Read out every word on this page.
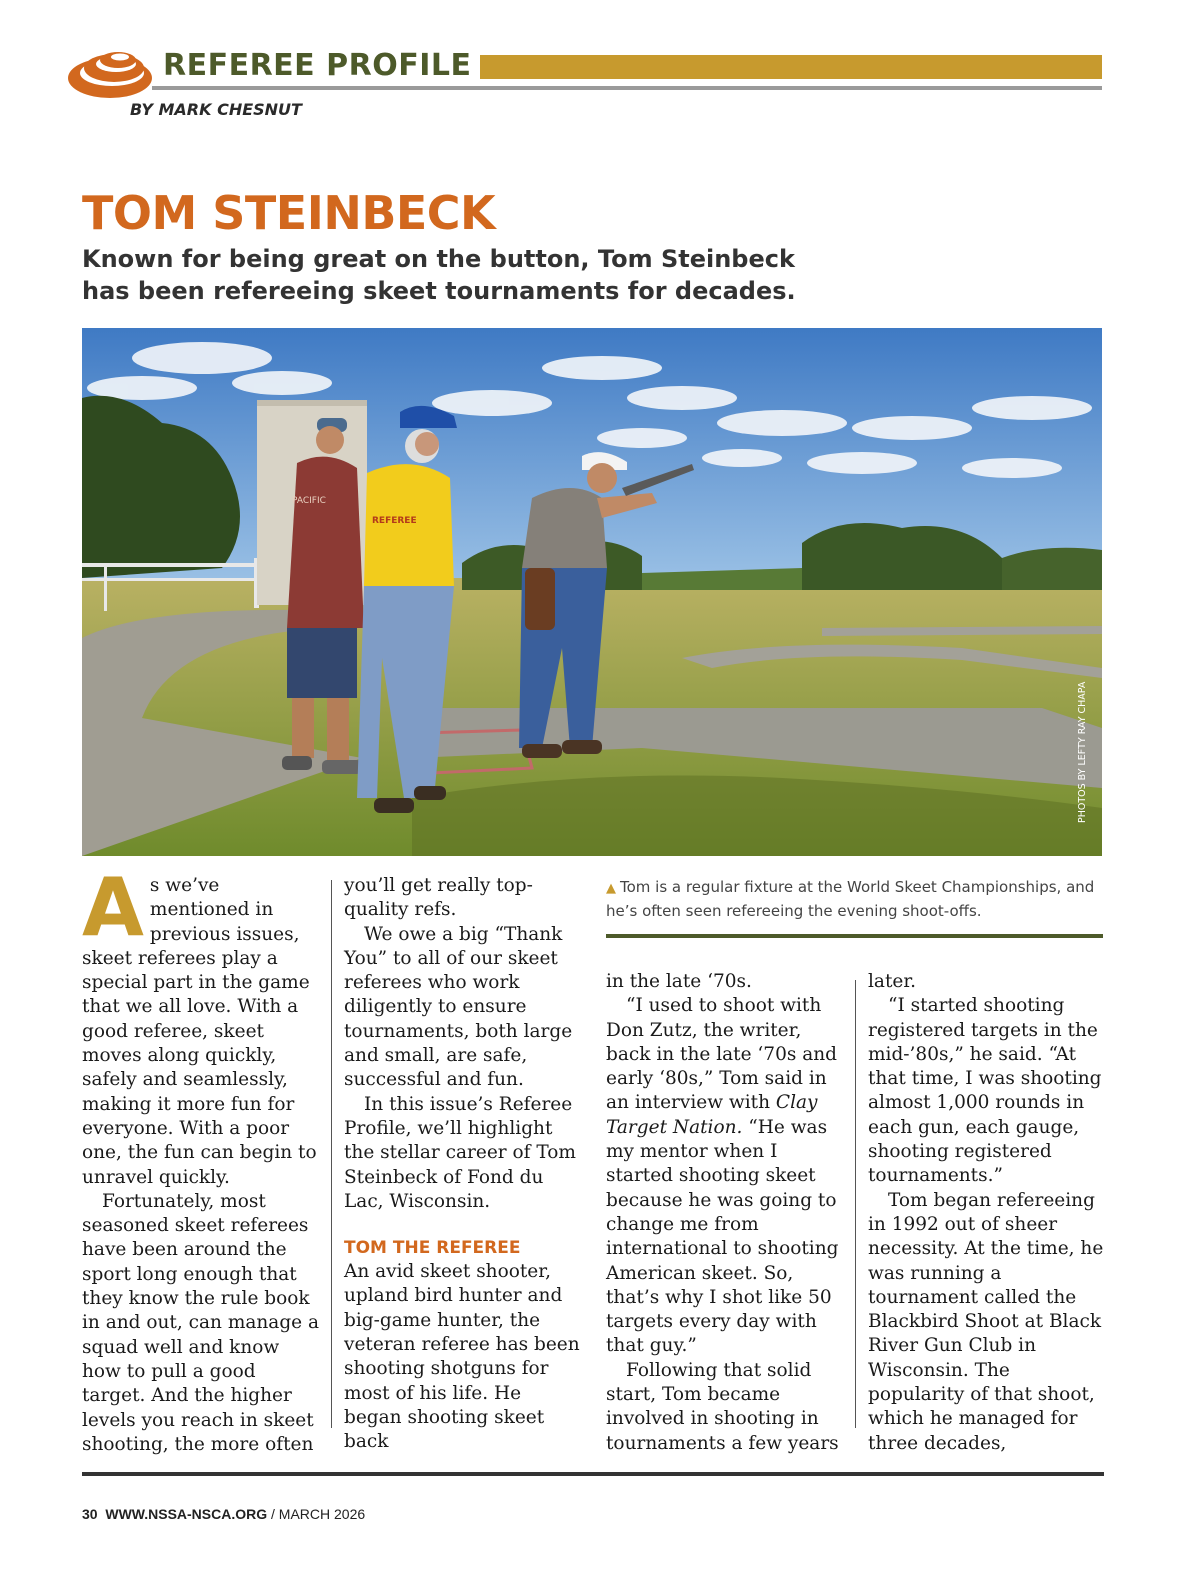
REFEREE PROFILE
BY MARK CHESNUT
TOM STEINBECK
Known for being great on the button, Tom Steinbeck has been refereeing skeet tournaments for decades.
PACIFIC
REFEREE
PHOTOS BY LEFTY RAY CHAPA
▲ Tom is a regular fixture at the World Skeet Championships, and he’s often seen refereeing the evening shoot-offs.

As we’ve mentioned in previous issues, skeet referees play a special part in the game that we all love. With a good referee, skeet moves along quickly, safely and seamlessly, making it more fun for everyone. With a poor one, the fun can begin to unravel quickly.

Fortunately, most seasoned skeet referees have been around the sport long enough that they know the rule book in and out, can manage a squad well and know how to pull a good target. And the higher levels you reach in skeet shooting, the more often

you’ll get really top-quality refs.

We owe a big “Thank You” to all of our skeet referees who work diligently to ensure tournaments, both large and small, are safe, successful and fun.

In this issue’s Referee Profile, we’ll highlight the stellar career of Tom Steinbeck of Fond du Lac, Wisconsin.

TOM THE REFEREE

An avid skeet shooter, upland bird hunter and big-game hunter, the veteran referee has been shooting shotguns for most of his life. He began shooting skeet back

in the late ‘70s.

“I used to shoot with Don Zutz, the writer, back in the late ‘70s and early ‘80s,” Tom said in an interview with Clay Target Nation. “He was my mentor when I started shooting skeet because he was going to change me from international to shooting American skeet. So, that’s why I shot like 50 targets every day with that guy.”

Following that solid start, Tom became involved in shooting in tournaments a few years

later.

“I started shooting registered targets in the mid-’80s,” he said. “At that time, I was shooting almost 1,000 rounds in each gun, each gauge, shooting registered tournaments.”

Tom began refereeing in 1992 out of sheer necessity. At the time, he was running a tournament called the Blackbird Shoot at Black River Gun Club in Wisconsin. The popularity of that shoot, which he managed for three decades,

30 WWW.NSSA-NSCA.ORG / MARCH 2026
